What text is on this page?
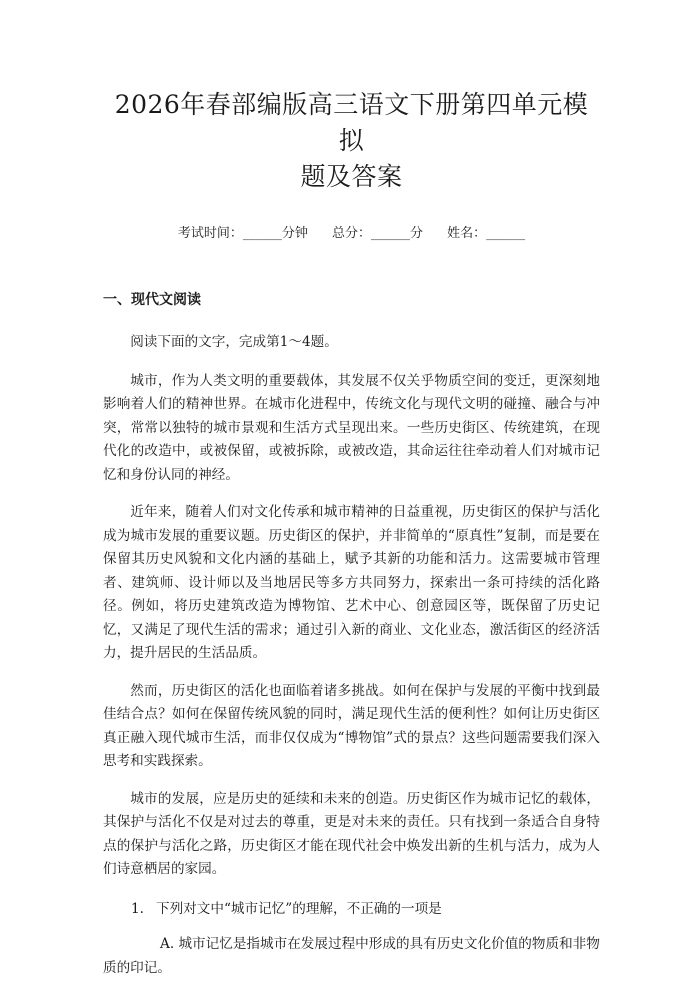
2026年春部编版高三语文下册第四单元模拟
题及答案
考试时间：______分钟 总分：______分 姓名：______
一、现代文阅读

阅读下面的文字，完成第1～4题。

城市，作为人类文明的重要载体，其发展不仅关乎物质空间的变迁，更深刻地影响着人们的精神世界。在城市化进程中，传统文化与现代文明的碰撞、融合与冲突，常常以独特的城市景观和生活方式呈现出来。一些历史街区、传统建筑，在现代化的改造中，或被保留，或被拆除，或被改造，其命运往往牵动着人们对城市记忆和身份认同的神经。

近年来，随着人们对文化传承和城市精神的日益重视，历史街区的保护与活化成为城市发展的重要议题。历史街区的保护，并非简单的“原真性”复制，而是要在保留其历史风貌和文化内涵的基础上，赋予其新的功能和活力。这需要城市管理者、建筑师、设计师以及当地居民等多方共同努力，探索出一条可持续的活化路径。例如，将历史建筑改造为博物馆、艺术中心、创意园区等，既保留了历史记忆，又满足了现代生活的需求；通过引入新的商业、文化业态，激活街区的经济活力，提升居民的生活品质。

然而，历史街区的活化也面临着诸多挑战。如何在保护与发展的平衡中找到最佳结合点？如何在保留传统风貌的同时，满足现代生活的便利性？如何让历史街区真正融入现代城市生活，而非仅仅成为“博物馆”式的景点？这些问题需要我们深入思考和实践探索。

城市的发展，应是历史的延续和未来的创造。历史街区作为城市记忆的载体，其保护与活化不仅是对过去的尊重，更是对未来的责任。只有找到一条适合自身特点的保护与活化之路，历史街区才能在现代社会中焕发出新的生机与活力，成为人们诗意栖居的家园。

1. 下列对文中“城市记忆”的理解，不正确的一项是
A. 城市记忆是指城市在发展过程中形成的具有历史文化价值的物质和非物质的印记。
